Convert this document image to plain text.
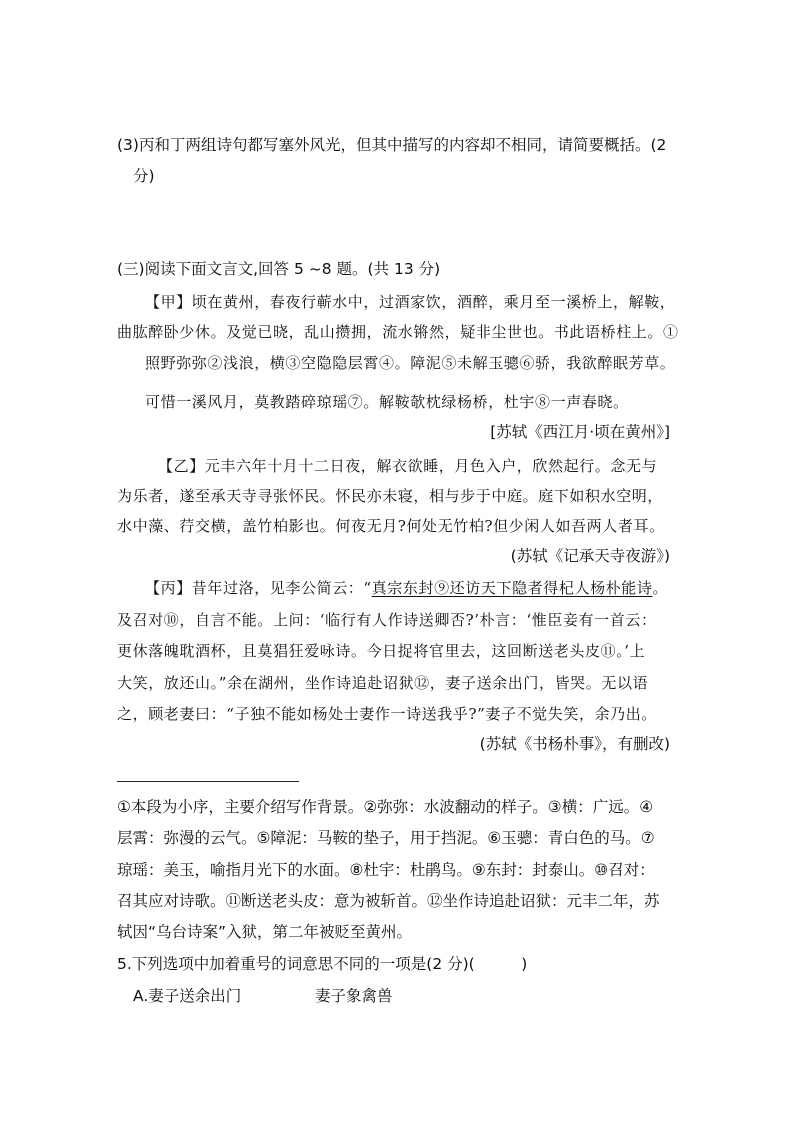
(3)丙和丁两组诗句都写塞外风光，但其中描写的内容却不相同，请简要概括。(2
分)
(三)阅读下面文言文,回答 5 ~8 题。(共 13 分)
【甲】顷在黄州，春夜行蕲水中，过酒家饮，酒醉，乘月至一溪桥上，解鞍，
曲肱醉卧少休。及觉已晓，乱山攒拥，流水锵然，疑非尘世也。书此语桥柱上。①
照野弥弥②浅浪，横③空隐隐层霄④。障泥⑤未解玉骢⑥骄，我欲醉眠芳草。
可惜一溪风月，莫教踏碎琼瑶⑦。解鞍欹枕绿杨桥，杜宇⑧一声春晓。
[苏轼《西江月·顷在黄州》]
【乙】元丰六年十月十二日夜，解衣欲睡，月色入户，欣然起行。念无与
为乐者，遂至承天寺寻张怀民。怀民亦未寝，相与步于中庭。庭下如积水空明，
水中藻、荇交横，盖竹柏影也。何夜无月?何处无竹柏?但少闲人如吾两人者耳。
(苏轼《记承天寺夜游》)
【丙】昔年过洛，见李公简云：“真宗东封⑨还访天下隐者得杞人杨朴能诗。
及召对⑩，自言不能。上问：‘临行有人作诗送卿否?’朴言：‘惟臣妾有一首云：
更休落魄耽酒杯，且莫猖狂爱咏诗。今日捉将官里去，这回断送老头皮⑪。’上
大笑，放还山。”余在湖州，坐作诗追赴诏狱⑫，妻子送余出门，皆哭。无以语
之，顾老妻曰：“子独不能如杨处士妻作一诗送我乎?”妻子不觉失笑，余乃出。
(苏轼《书杨朴事》，有删改)
①本段为小序，主要介绍写作背景。②弥弥：水波翻动的样子。③横：广远。④
层霄：弥漫的云气。⑤障泥：马鞍的垫子，用于挡泥。⑥玉骢：青白色的马。⑦
琼瑶：美玉，喻指月光下的水面。⑧杜宇：杜鹃鸟。⑨东封：封泰山。⑩召对：
召其应对诗歌。⑪断送老头皮：意为被斩首。⑫坐作诗追赴诏狱：元丰二年，苏
轼因“乌台诗案”入狱，第二年被贬至黄州。
5.下列选项中加着重号的词意思不同的一项是(2 分)(　　　)
A.妻子送余出门	妻子象禽兽
